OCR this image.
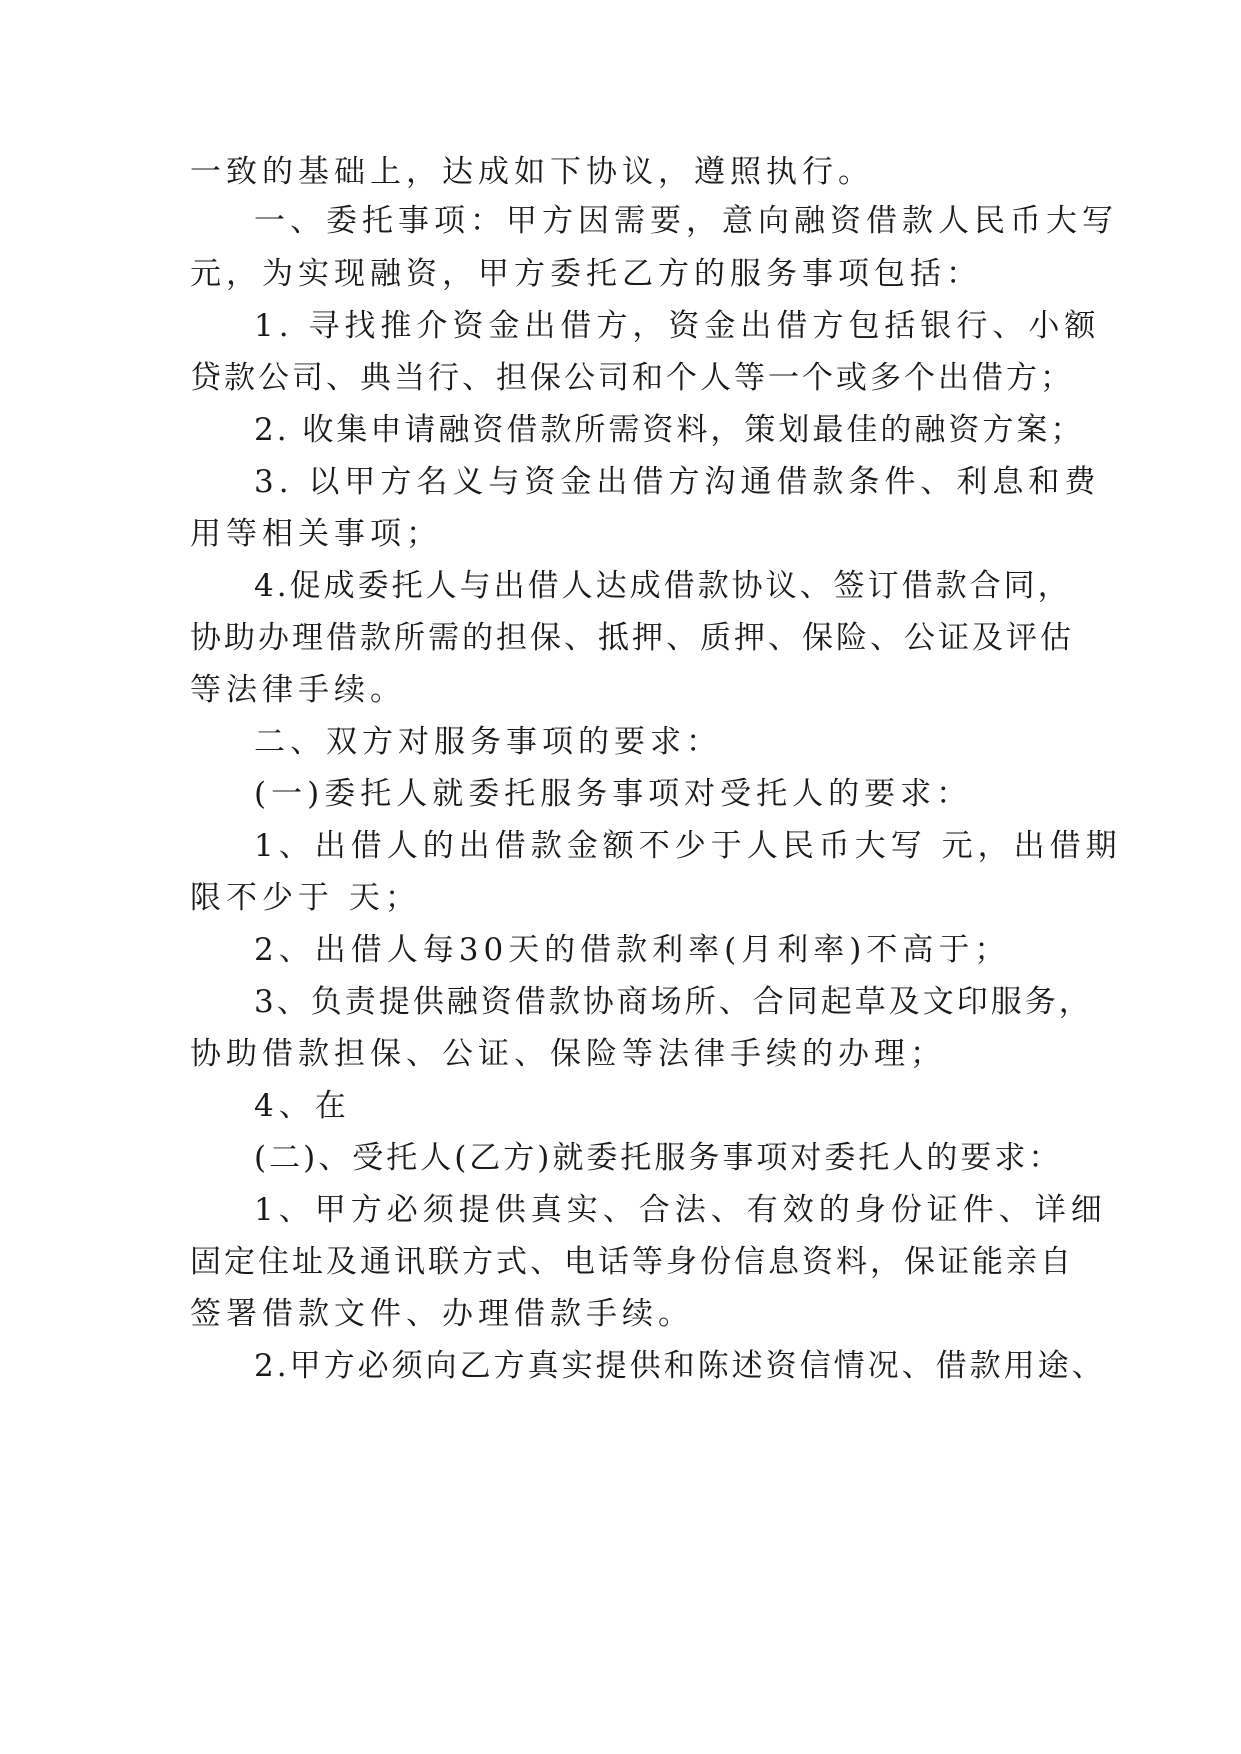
一致的基础上，达成如下协议，遵照执行。
一、委托事项：甲方因需要，意向融资借款人民币大写
元，为实现融资，甲方委托乙方的服务事项包括：
1. 寻找推介资金出借方，资金出借方包括银行、小额
贷款公司、典当行、担保公司和个人等一个或多个出借方；
2. 收集申请融资借款所需资料，策划最佳的融资方案；
3. 以甲方名义与资金出借方沟通借款条件、利息和费
用等相关事项；
4.促成委托人与出借人达成借款协议、签订借款合同，
协助办理借款所需的担保、抵押、质押、保险、公证及评估
等法律手续。
二、双方对服务事项的要求：
(一)委托人就委托服务事项对受托人的要求：
1、出借人的出借款金额不少于人民币大写 元，出借期
限不少于 天；
2、出借人每30天的借款利率(月利率)不高于；
3、负责提供融资借款协商场所、合同起草及文印服务，
协助借款担保、公证、保险等法律手续的办理；
4、在
(二)、受托人(乙方)就委托服务事项对委托人的要求：
1、甲方必须提供真实、合法、有效的身份证件、详细
固定住址及通讯联方式、电话等身份信息资料，保证能亲自
签署借款文件、办理借款手续。
2.甲方必须向乙方真实提供和陈述资信情况、借款用途、
